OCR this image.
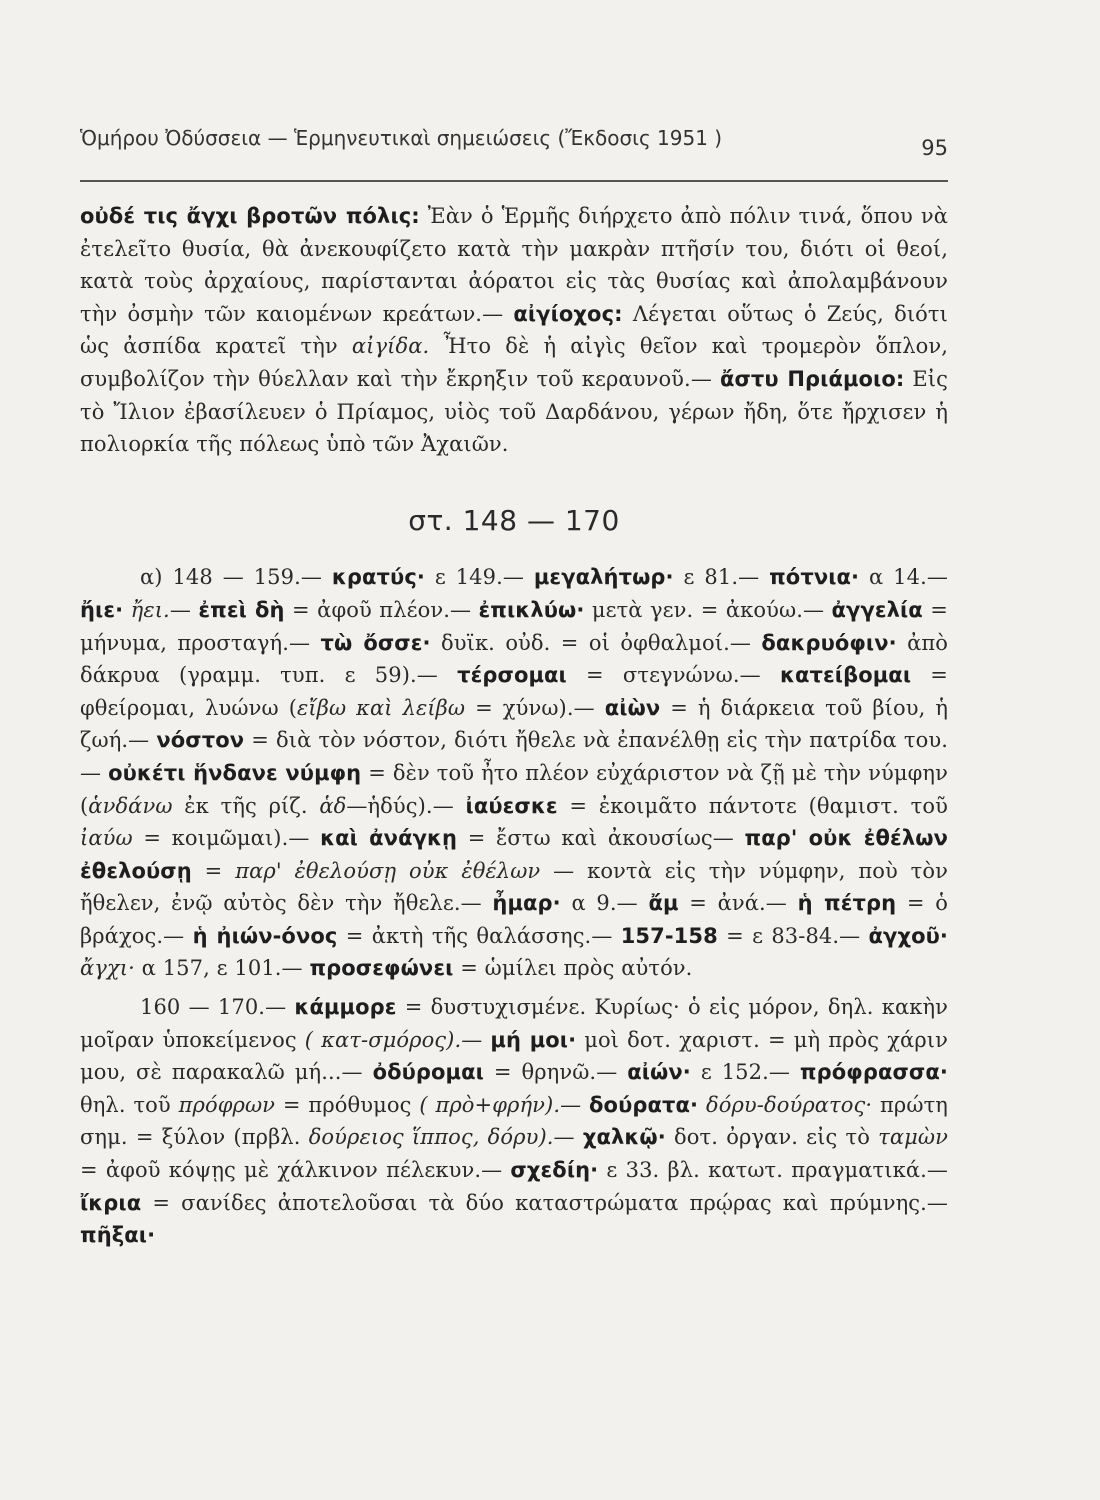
Ὁμήρου Ὀδύσσεια — Ἑρμηνευτικαὶ σημειώσεις (Ἔκδοσις 1951 )	95

οὐδέ τις ἄγχι βροτῶν πόλις: Ἐὰν ὁ Ἑρμῆς διήρχετο ἀπὸ πόλιν τινά, ὅπου νὰ ἐτελεῖτο θυσία, θὰ ἀνεκουφίζετο κατὰ τὴν μακρὰν πτῆσίν του, διότι οἱ θεοί, κατὰ τοὺς ἀρχαίους, παρίστανται ἀόρατοι εἰς τὰς θυσίας καὶ ἀπολαμβάνουν τὴν ὀσμὴν τῶν καιομένων κρεάτων.— αἰγίοχος: Λέγεται οὕτως ὁ Ζεύς, διότι ὡς ἀσπίδα κρατεῖ τὴν αἰγίδα. Ἦτο δὲ ἡ αἰγὶς θεῖον καὶ τρομερὸν ὅπλον, συμβολίζον τὴν θύελλαν καὶ τὴν ἔκρηξιν τοῦ κεραυνοῦ.— ἄστυ Πριάμοιο: Εἰς τὸ Ἴλιον ἐβασίλευεν ὁ Πρίαμος, υἱὸς τοῦ Δαρδάνου, γέρων ἤδη, ὅτε ἤρχισεν ἡ πολιορκία τῆς πόλεως ὑπὸ τῶν Ἀχαιῶν.

στ. 148 — 170

α) 148 — 159.— κρατύς· ε 149.— μεγαλήτωρ· ε 81.— πότνια· α 14.— ἤιε· ἤει.— ἐπεὶ δὴ = ἀφοῦ πλέον.— ἐπικλύω· μετὰ γεν. = ἀκούω.— ἀγγελία = μήνυμα, προσταγή.— τὼ ὄσσε· δυϊκ. οὐδ. = οἱ ὀφθαλμοί.— δακρυόφιν· ἀπὸ δάκρυα (γραμμ. τυπ. ε 59).— τέρσομαι = στεγνώνω.— κατείβομαι = φθείρομαι, λυώνω (εἴβω καὶ λείβω = χύνω).— αἰὼν = ἡ διάρκεια τοῦ βίου, ἡ ζωή.— νόστον = διὰ τὸν νόστον, διότι ἤθελε νὰ ἐπανέλθῃ εἰς τὴν πατρίδα του.— οὐκέτι ἥνδανε νύμφη = δὲν τοῦ ἦτο πλέον εὐχάριστον νὰ ζῇ μὲ τὴν νύμφην (ἁνδάνω ἐκ τῆς ρίζ. ἁδ—ἡδύς).— ἰαύεσκε = ἐκοιμᾶτο πάντοτε (θαμιστ. τοῦ ἰαύω = κοιμῶμαι).— καὶ ἀνάγκῃ = ἔστω καὶ ἀκουσίως— παρ' οὐκ ἐθέλων ἐθελούσῃ = παρ' ἐθελούσῃ οὐκ ἐθέλων — κοντὰ εἰς τὴν νύμφην, ποὺ τὸν ἤθελεν, ἐνῷ αὐτὸς δὲν τὴν ἤθελε.— ἦμαρ· α 9.— ἄμ = ἀνά.— ἡ πέτρη = ὁ βράχος.— ἡ ἠιών-όνος = ἀκτὴ τῆς θαλάσσης.— 157-158 = ε 83-84.— ἀγχοῦ· ἄγχι· α 157, ε 101.— προσεφώνει = ὡμίλει πρὸς αὐτόν.

160 — 170.— κάμμορε = δυστυχισμένε. Κυρίως· ὁ εἰς μόρον, δηλ. κακὴν μοῖραν ὑποκείμενος ( κατ-σμόρος).— μή μοι· μοὶ δοτ. χαριστ. = μὴ πρὸς χάριν μου, σὲ παρακαλῶ μή...— ὀδύρομαι = θρηνῶ.— αἰών· ε 152.— πρόφρασσα· θηλ. τοῦ πρόφρων = πρόθυμος ( πρὸ+φρήν).— δούρατα· δόρυ-δούρατος· πρώτη σημ. = ξύλον (πρβλ. δούρειος ἵππος, δόρυ).— χαλκῷ· δοτ. ὀργαν. εἰς τὸ ταμὼν = ἀφοῦ κόψῃς μὲ χάλκινον πέλεκυν.— σχεδίη· ε 33. βλ. κατωτ. πραγματικά.— ἴκρια = σανίδες ἀποτελοῦσαι τὰ δύο καταστρώματα πρῴρας καὶ πρύμνης.— πῆξαι·
